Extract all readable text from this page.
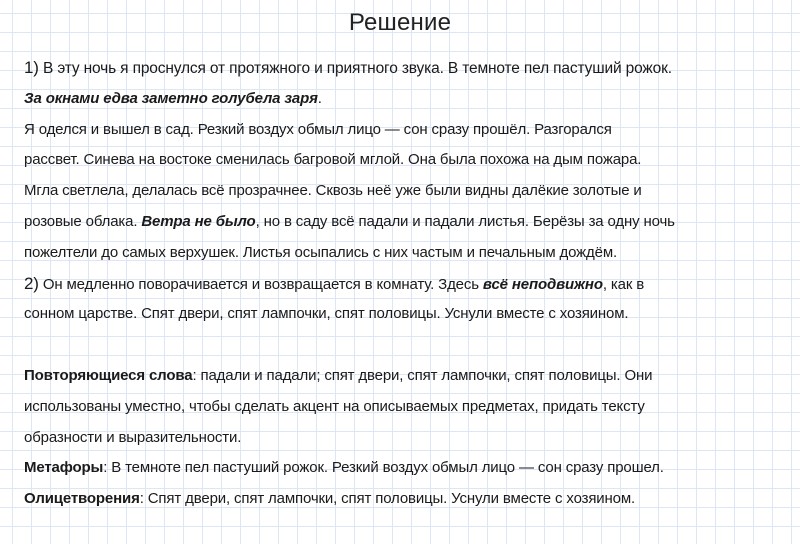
Решение
1) В эту ночь я проснулся от протяжного и приятного звука. В темноте пел пастуший рожок.
За окнами едва заметно голубела заря.
Я оделся и вышел в сад. Резкий воздух обмыл лицо — сон сразу прошёл. Разгорался
рассвет. Синева на востоке сменилась багровой мглой. Она была похожа на дым пожара.
Мгла светлела, делалась всё прозрачнее. Сквозь неё уже были видны далёкие золотые и
розовые облака. Ветра не было, но в саду всё падали и падали листья. Берёзы за одну ночь
пожелтели до самых верхушек. Листья осыпались с них частым и печальным дождём.
2) Он медленно поворачивается и возвращается в комнату. Здесь всё неподвижно, как в
сонном царстве. Спят двери, спят лампочки, спят половицы. Уснули вместе с хозяином.
Повторяющиеся слова: падали и падали; спят двери, спят лампочки, спят половицы. Они
использованы уместно, чтобы сделать акцент на описываемых предметах, придать тексту
образности и выразительности.
Метафоры: В темноте пел пастуший рожок. Резкий воздух обмыл лицо — сон сразу прошел.
Олицетворения: Спят двери, спят лампочки, спят половицы. Уснули вместе с хозяином.
